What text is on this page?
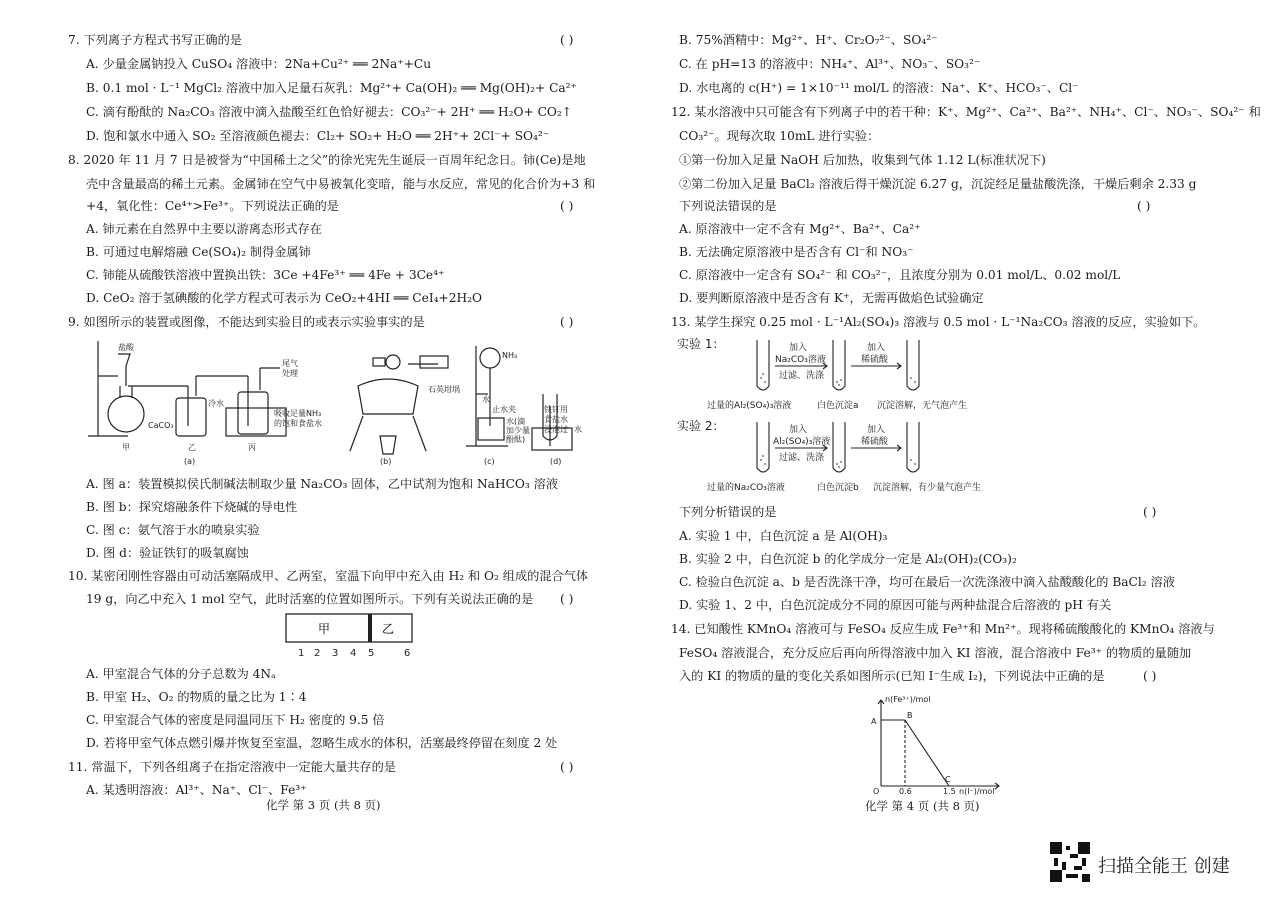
7. 下列离子方程式书写正确的是	( )
A. 少量金属钠投入 CuSO₄ 溶液中：2Na+Cu²⁺ ══ 2Na⁺+Cu
B. 0.1 mol · L⁻¹ MgCl₂ 溶液中加入足量石灰乳：Mg²⁺+ Ca(OH)₂ ══ Mg(OH)₂+ Ca²⁺
C. 滴有酚酞的 Na₂CO₃ 溶液中滴入盐酸至红色恰好褪去：CO₃²⁻+ 2H⁺ ══ H₂O+ CO₂↑
D. 饱和氯水中通入 SO₂ 至溶液颜色褪去：Cl₂+ SO₂+ H₂O ══ 2H⁺+ 2Cl⁻+ SO₄²⁻
8. 2020 年 11 月 7 日是被誉为“中国稀土之父”的徐光宪先生诞辰一百周年纪念日。铈(Ce)是地
壳中含量最高的稀土元素。金属铈在空气中易被氧化变暗，能与水反应，常见的化合价为+3 和
+4，氧化性：Ce⁴⁺>Fe³⁺。下列说法正确的是	( )
A. 铈元素在自然界中主要以游离态形式存在
B. 可通过电解熔融 Ce(SO₄)₂ 制得金属铈
C. 铈能从硫酸铁溶液中置换出铁：3Ce +4Fe³⁺ ══ 4Fe + 3Ce⁴⁺
D. CeO₂ 溶于氢碘酸的化学方程式可表示为 CeO₂+4HI ══ CeI₄+2H₂O
9. 如图所示的装置或图像，不能达到实验目的或表示实验事实的是	( )
盐酸
CaCO₃
尾气
处理
冷水
吸收足量NH₃
的饱和食盐水
甲	乙	丙
(a)
石英坩埚
(b)
NH₃
水
止水夹
水(滴
加少量
酚酞)
(c)
铁钉用
食盐水
浸泡过 水
(d)
A. 图 a：装置模拟侯氏制碱法制取少量 Na₂CO₃ 固体，乙中试剂为饱和 NaHCO₃ 溶液
B. 图 b：探究熔融条件下烧碱的导电性
C. 图 c：氨气溶于水的喷泉实验
D. 图 d：验证铁钉的吸氧腐蚀
10. 某密闭刚性容器由可动活塞隔成甲、乙两室，室温下向甲中充入由 H₂ 和 O₂ 组成的混合气体
19 g，向乙中充入 1 mol 空气，此时活塞的位置如图所示。下列有关说法正确的是 ( )
甲	乙
1 2 3 4 5	6
A. 甲室混合气体的分子总数为 4Nₐ
B. 甲室 H₂、O₂ 的物质的量之比为 1∶4
C. 甲室混合气体的密度是同温同压下 H₂ 密度的 9.5 倍
D. 若将甲室气体点燃引爆并恢复至室温，忽略生成水的体积，活塞最终停留在刻度 2 处
11. 常温下，下列各组离子在指定溶液中一定能大量共存的是	( )
A. 某透明溶液：Al³⁺、Na⁺、Cl⁻、Fe³⁺
化学 第 3 页 (共 8 页)
B. 75%酒精中：Mg²⁺、H⁺、Cr₂O₇²⁻、SO₄²⁻
C. 在 pH=13 的溶液中：NH₄⁺、Al³⁺、NO₃⁻、SO₃²⁻
D. 水电离的 c(H⁺) = 1×10⁻¹¹ mol/L 的溶液：Na⁺、K⁺、HCO₃⁻、Cl⁻
12. 某水溶液中只可能含有下列离子中的若干种：K⁺、Mg²⁺、Ca²⁺、Ba²⁺、NH₄⁺、Cl⁻、NO₃⁻、SO₄²⁻ 和
CO₃²⁻。现每次取 10mL 进行实验：
①第一份加入足量 NaOH 后加热，收集到气体 1.12 L(标准状况下)
②第二份加入足量 BaCl₂ 溶液后得干燥沉淀 6.27 g，沉淀经足量盐酸洗涤，干燥后剩余 2.33 g
下列说法错误的是	( )
A. 原溶液中一定不含有 Mg²⁺、Ba²⁺、Ca²⁺
B. 无法确定原溶液中是否含有 Cl⁻和 NO₃⁻
C. 原溶液中一定含有 SO₄²⁻ 和 CO₃²⁻，且浓度分别为 0.01 mol/L、0.02 mol/L
D. 要判断原溶液中是否含有 K⁺，无需再做焰色试验确定
13. 某学生探究 0.25 mol · L⁻¹Al₂(SO₄)₃ 溶液与 0.5 mol · L⁻¹Na₂CO₃ 溶液的反应，实验如下。
实验 1：	加入
Na₂CO₃溶液
过滤、洗涤
加入
稀硫酸
过量的Al₂(SO₄)₃溶液	白色沉淀a 沉淀溶解，无气泡产生
实验 2：	加入
Al₂(SO₄)₃溶液
过滤、洗涤
加入
稀硫酸
过量的Na₂CO₃溶液	白色沉淀b 沉淀溶解，有少量气泡产生
下列分析错误的是	( )
A. 实验 1 中，白色沉淀 a 是 Al(OH)₃
B. 实验 2 中，白色沉淀 b 的化学成分一定是 Al₂(OH)₂(CO₃)₂
C. 检验白色沉淀 a、b 是否洗涤干净，均可在最后一次洗涤液中滴入盐酸酸化的 BaCl₂ 溶液
D. 实验 1、2 中，白色沉淀成分不同的原因可能与两种盐混合后溶液的 pH 有关
14. 已知酸性 KMnO₄ 溶液可与 FeSO₄ 反应生成 Fe³⁺和 Mn²⁺。现将稀硫酸酸化的 KMnO₄ 溶液与
FeSO₄ 溶液混合，充分反应后再向所得溶液中加入 KI 溶液，混合溶液中 Fe³⁺ 的物质的量随加
入的 KI 的物质的量的变化关系如图所示(已知 I⁻生成 I₂)，下列说法中正确的是	( )
n(Fe³⁺)/mol
A
B
C
O 0.6	1.5 n(I⁻)/mol
化学 第 4 页 (共 8 页)
扫描全能王 创建
